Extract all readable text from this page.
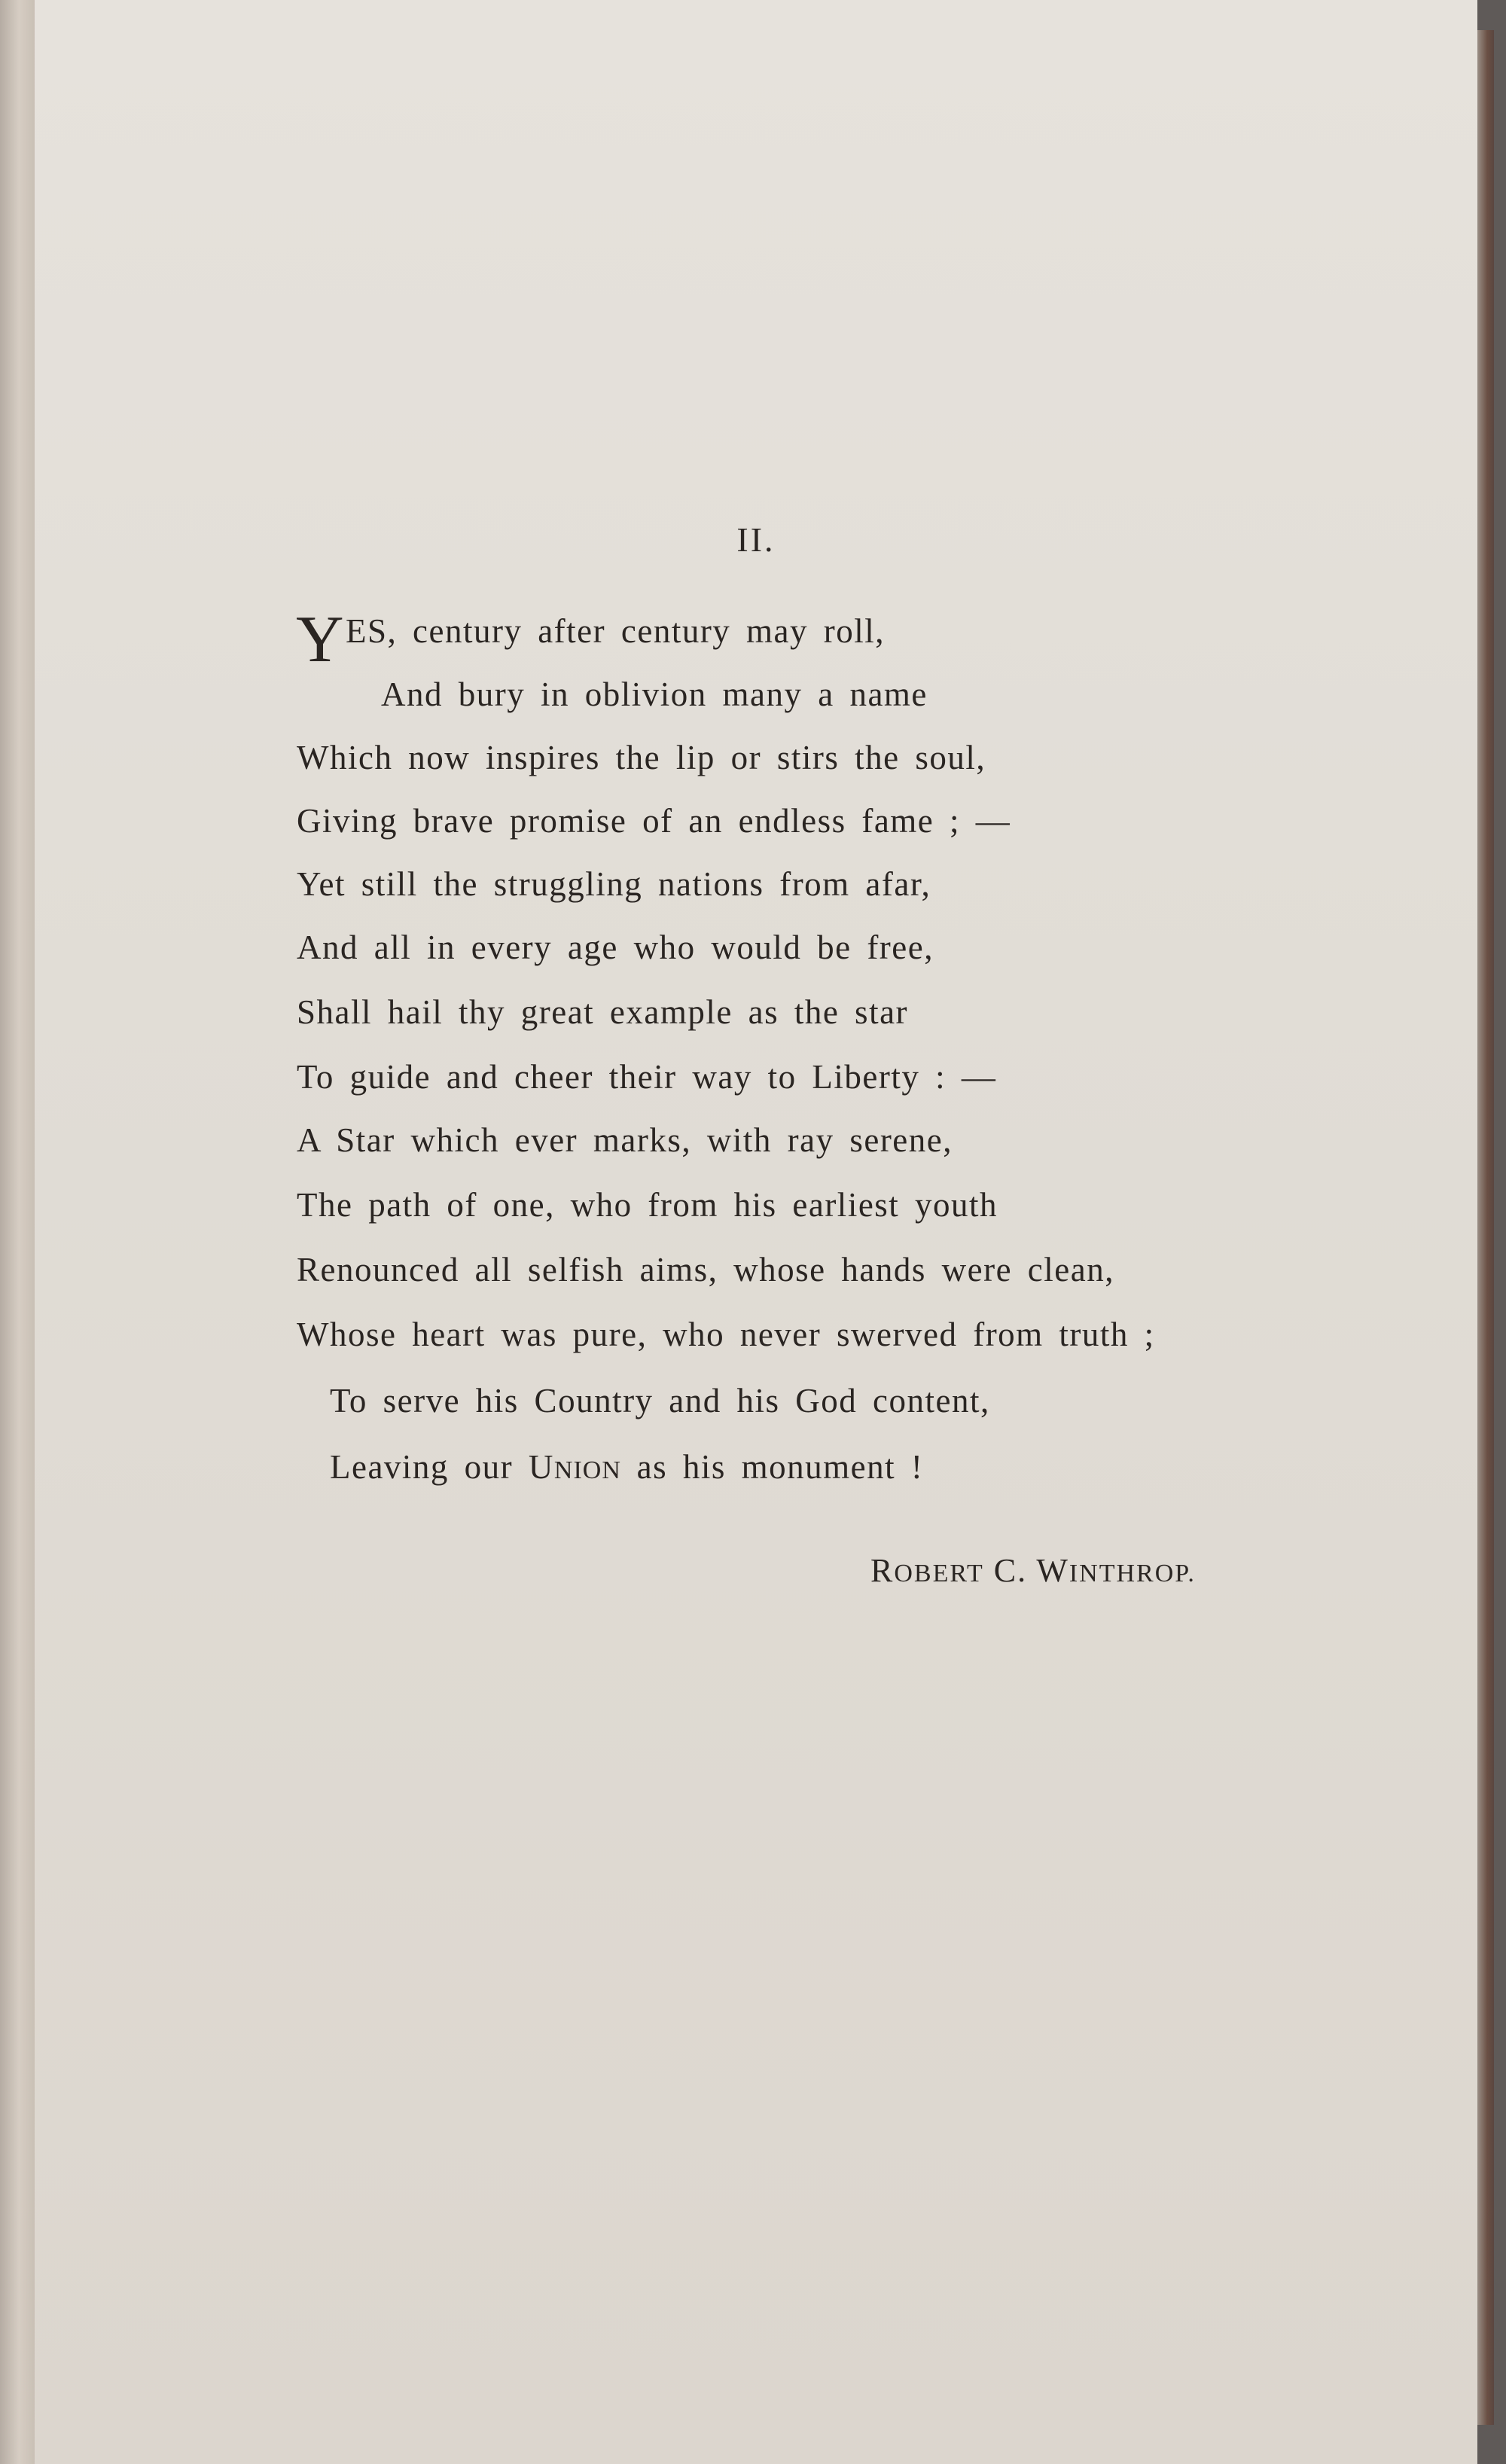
II.
Y ES, century after century may roll,
And bury in oblivion many a name
Which now inspires the lip or stirs the soul,
Giving brave promise of an endless fame ; —
Yet still the struggling nations from afar,
And all in every age who would be free,
Shall hail thy great example as the star
To guide and cheer their way to Liberty : —
A Star which ever marks, with ray serene,
The path of one, who from his earliest youth
Renounced all selfish aims, whose hands were clean,
Whose heart was pure, who never swerved from truth ;
To serve his Country and his God content,
Leaving our UNION as his monument !
ROBERT C. WINTHROP.
